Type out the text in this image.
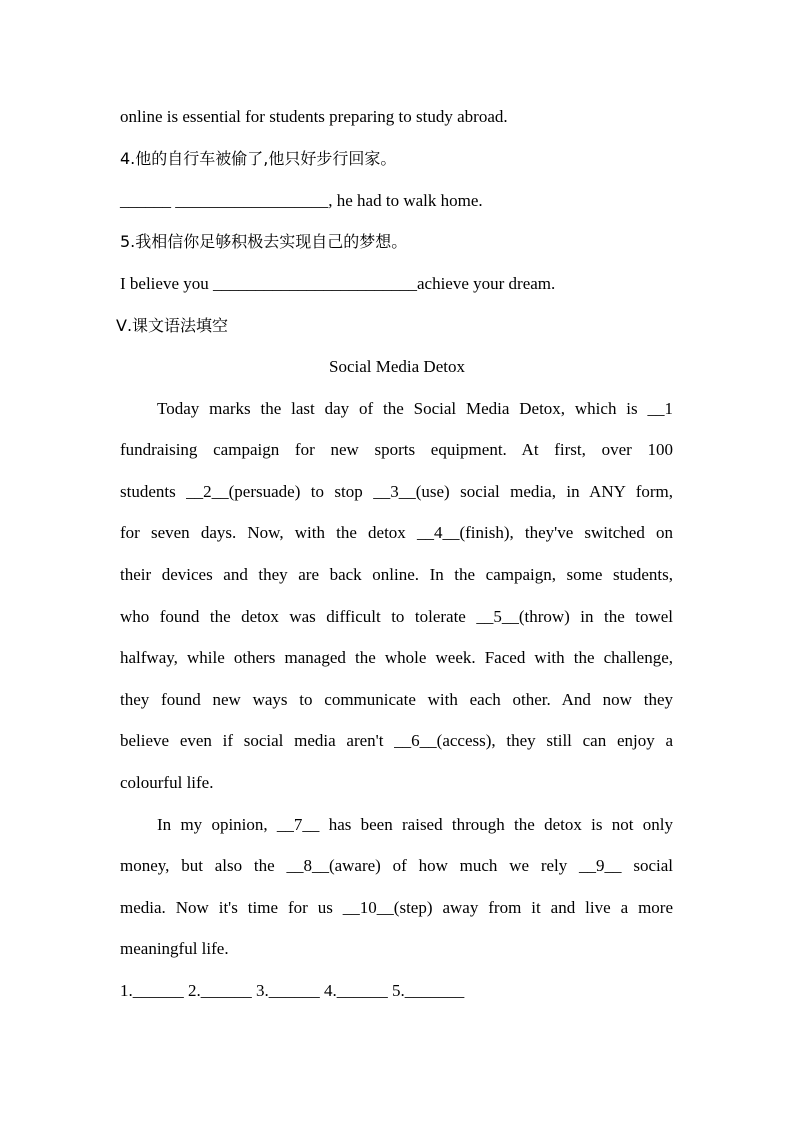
online is essential for students preparing to study abroad.
4.他的自行车被偷了,他只好步行回家。
______ __________________, he had to walk home.
5.我相信你足够积极去实现自己的梦想。
I believe you ________________________achieve your dream.
Ⅴ.课文语法填空
Social Media Detox
Today marks the last day of the Social Media Detox, which is __1
fundraising campaign for new sports equipment. At first, over 100
students __2__(persuade) to stop __3__(use) social media, in ANY form,
for seven days. Now, with the detox __4__(finish), they've switched on
their devices and they are back online. In the campaign, some students,
who found the detox was difficult to tolerate __5__(throw) in the towel
halfway, while others managed the whole week. Faced with the challenge,
they found new ways to communicate with each other. And now they
believe even if social media aren't __6__(access), they still can enjoy a
colourful life.
In my opinion, __7__ has been raised through the detox is not only
money, but also the __8__(aware) of how much we rely __9__ social
media. Now it's time for us __10__(step) away from it and live a more
meaningful life.
1.______ 2.______ 3.______ 4.______ 5._______
